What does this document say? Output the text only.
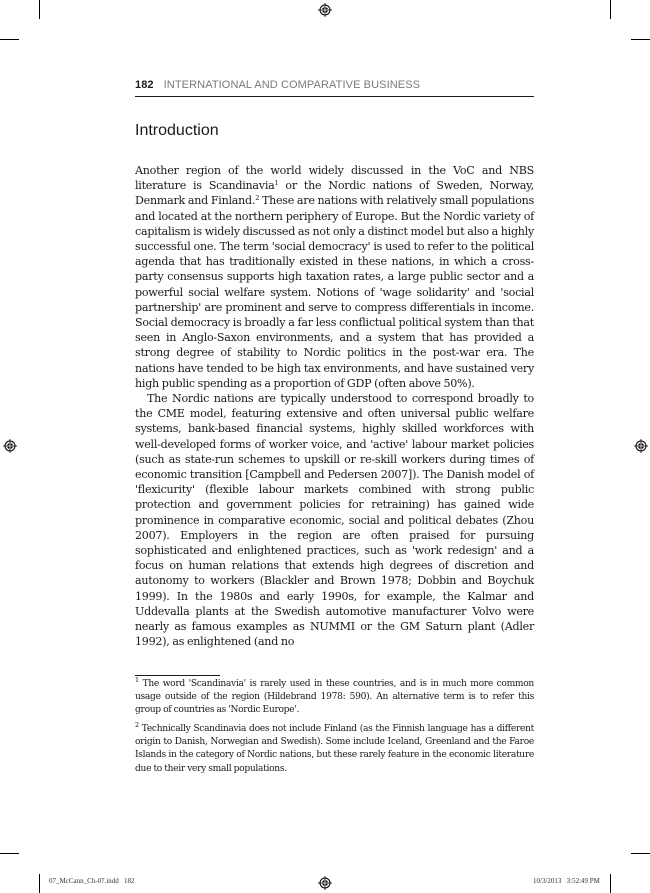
182 INTERNATIONAL AND COMPARATIVE BUSINESS
Introduction

Another region of the world widely discussed in the VoC and NBS literature is Scandinavia$^1$ or the Nordic nations of Sweden, Norway, Denmark and Finland.$^2$ These are nations with relatively small populations and located at the northern periphery of Europe. But the Nordic variety of capitalism is widely discussed as not only a distinct model but also a highly successful one. The term 'social democracy' is used to refer to the political agenda that has traditionally existed in these nations, in which a cross-party consensus supports high taxation rates, a large public sector and a powerful social welfare system. Notions of 'wage solidarity' and 'social partnership' are prominent and serve to compress differentials in income. Social democracy is broadly a far less conflictual political system than that seen in Anglo-Saxon environments, and a system that has provided a strong degree of stability to Nordic politics in the post-war era. The nations have tended to be high tax environments, and have sustained very high public spending as a proportion of GDP (often above 50%).

The Nordic nations are typically understood to correspond broadly to the CME model, featuring extensive and often universal public welfare systems, bank-based financial systems, highly skilled workforces with well-developed forms of worker voice, and 'active' labour market policies (such as state-run schemes to upskill or re-skill workers during times of economic transition [Campbell and Pedersen 2007]). The Danish model of 'flexicurity' (flexible labour markets combined with strong public protection and government policies for retraining) has gained wide prominence in comparative economic, social and political debates (Zhou 2007). Employers in the region are often praised for pursuing sophisticated and enlightened practices, such as 'work redesign' and a focus on human relations that extends high degrees of discretion and autonomy to workers (Blackler and Brown 1978; Dobbin and Boychuk 1999). In the 1980s and early 1990s, for example, the Kalmar and Uddevalla plants at the Swedish automotive manufacturer Volvo were nearly as famous examples as NUMMI or the GM Saturn plant (Adler 1992), as enlightened (and no

$^1$ The word 'Scandinavia' is rarely used in these countries, and is in much more common usage outside of the region (Hildebrand 1978: 590). An alternative term is to refer this group of countries as 'Nordic Europe'.

$^2$ Technically Scandinavia does not include Finland (as the Finnish language has a different origin to Danish, Norwegian and Swedish). Some include Iceland, Greenland and the Faroe Islands in the category of Nordic nations, but these rarely feature in the economic literature due to their very small populations.

07_McCann_Ch-07.indd   182	10/3/2013   3:52:49 PM
